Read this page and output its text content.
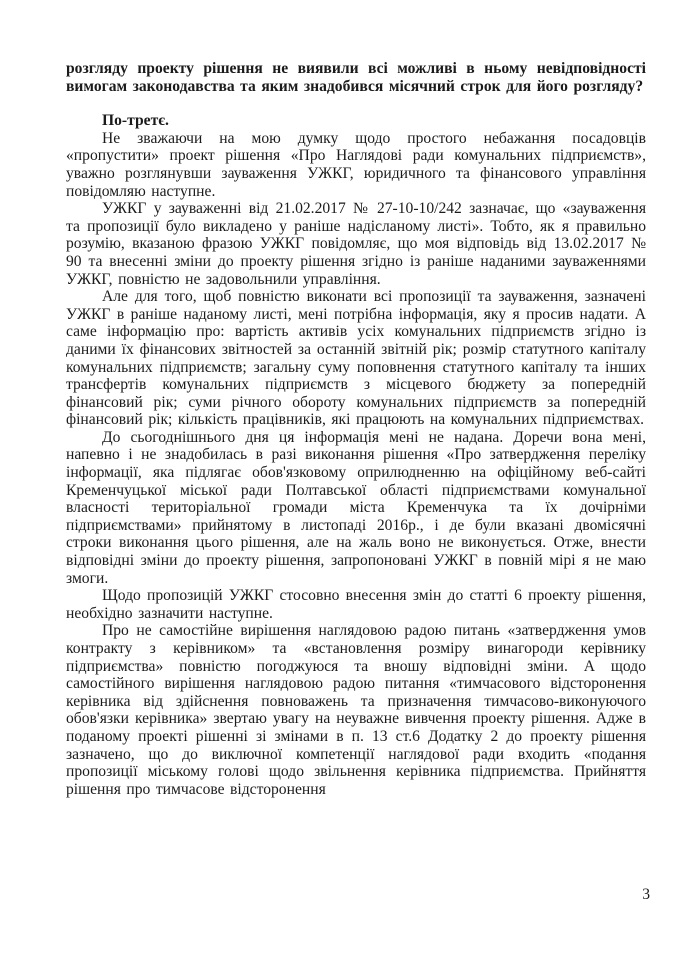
розгляду проекту рішення не виявили всі можливі в ньому невідповідності вимогам законодавства та яким знадобився місячний строк для його розгляду?

По-третє.

Не зважаючи на мою думку щодо простого небажання посадовців «пропустити» проект рішення «Про Наглядові ради комунальних підприємств», уважно розглянувши зауваження УЖКГ, юридичного та фінансового управління повідомляю наступне.

УЖКГ у зауваженні від 21.02.2017 № 27-10-10/242 зазначає, що «зауваження та пропозиції було викладено у раніше надісланому листі». Тобто, як я правильно розумію, вказаною фразою УЖКГ повідомляє, що моя відповідь від 13.02.2017 № 90 та внесенні зміни до проекту рішення згідно із раніше наданими зауваженнями УЖКГ, повністю не задовольнили управління.

Але для того, щоб повністю виконати всі пропозиції та зауваження, зазначені УЖКГ в раніше наданому листі, мені потрібна інформація, яку я просив надати. А саме інформацію про: вартість активів усіх комунальних підприємств згідно із даними їх фінансових звітностей за останній звітній рік; розмір статутного капіталу комунальних підприємств; загальну суму поповнення статутного капіталу та інших трансфертів комунальних підприємств з місцевого бюджету за попередній фінансовий рік; суми річного обороту комунальних підприємств за попередній фінансовий рік; кількість працівників, які працюють на комунальних підприємствах.

До сьогоднішнього дня ця інформація мені не надана. Доречи вона мені, напевно і не знадобилась в разі виконання рішення «Про затвердження переліку інформації, яка підлягає обов'язковому оприлюдненню на офіційному веб-сайті Кременчуцької міської ради Полтавської області підприємствами комунальної власності територіальної громади міста Кременчука та їх дочірніми підприємствами» прийнятому в листопаді 2016р., і де були вказані двомісячні строки виконання цього рішення, але на жаль воно не виконується. Отже, внести відповідні зміни до проекту рішення, запропоновані УЖКГ в повній мірі я не маю змоги.

Щодо пропозицій УЖКГ стосовно внесення змін до статті 6 проекту рішення, необхідно зазначити наступне.

Про не самостійне вирішення наглядовою радою питань «затвердження умов контракту з керівником» та «встановлення розміру винагороди керівнику підприємства» повністю погоджуюся та вношу відповідні зміни. А щодо самостійного вирішення наглядовою радою питання «тимчасового відсторонення керівника від здійснення повноважень та призначення тимчасово-виконуючого обов'язки керівника» звертаю увагу на неуважне вивчення проекту рішення. Адже в поданому проекті рішенні зі змінами в п. 13 ст.6 Додатку 2 до проекту рішення зазначено, що до виключної компетенції наглядової ради входить «подання пропозиції міському голові щодо звільнення керівника підприємства. Прийняття рішення про тимчасове відсторонення

3
